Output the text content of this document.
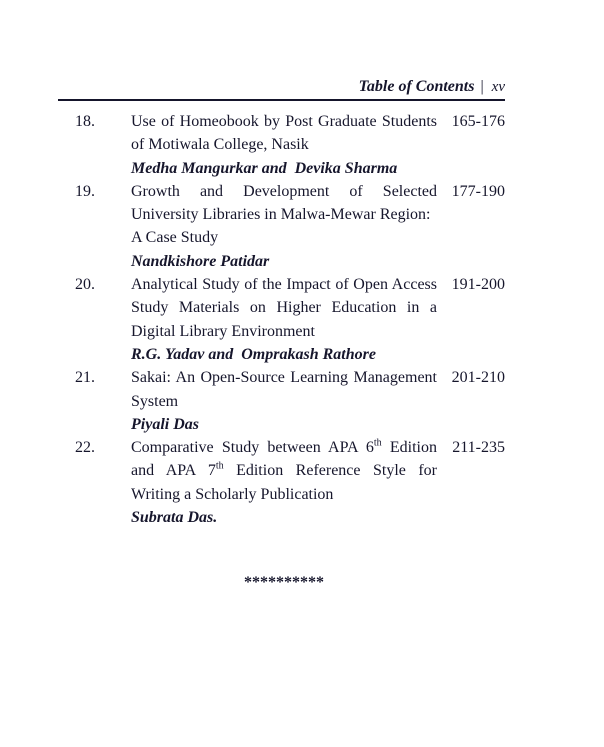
Table of Contents | xv
18.	Use of Homeobook by Post Graduate Students
of Motiwala College, Nasik
Medha Mangurkar and  Devika Sharma
165-176
19.	Growth and Development of Selected
University Libraries in Malwa-Mewar Region:
A Case Study
Nandkishore Patidar
177-190
20.	Analytical Study of the Impact of Open Access
Study Materials on Higher Education in a
Digital Library Environment
R.G. Yadav and  Omprakash Rathore
191-200
21.	Sakai: An Open-Source Learning Management
System
Piyali Das
201-210
22.	Comparative Study between APA 6th Edition
and APA 7th Edition Reference Style for
Writing a Scholarly Publication
Subrata Das.
211-235
**********
